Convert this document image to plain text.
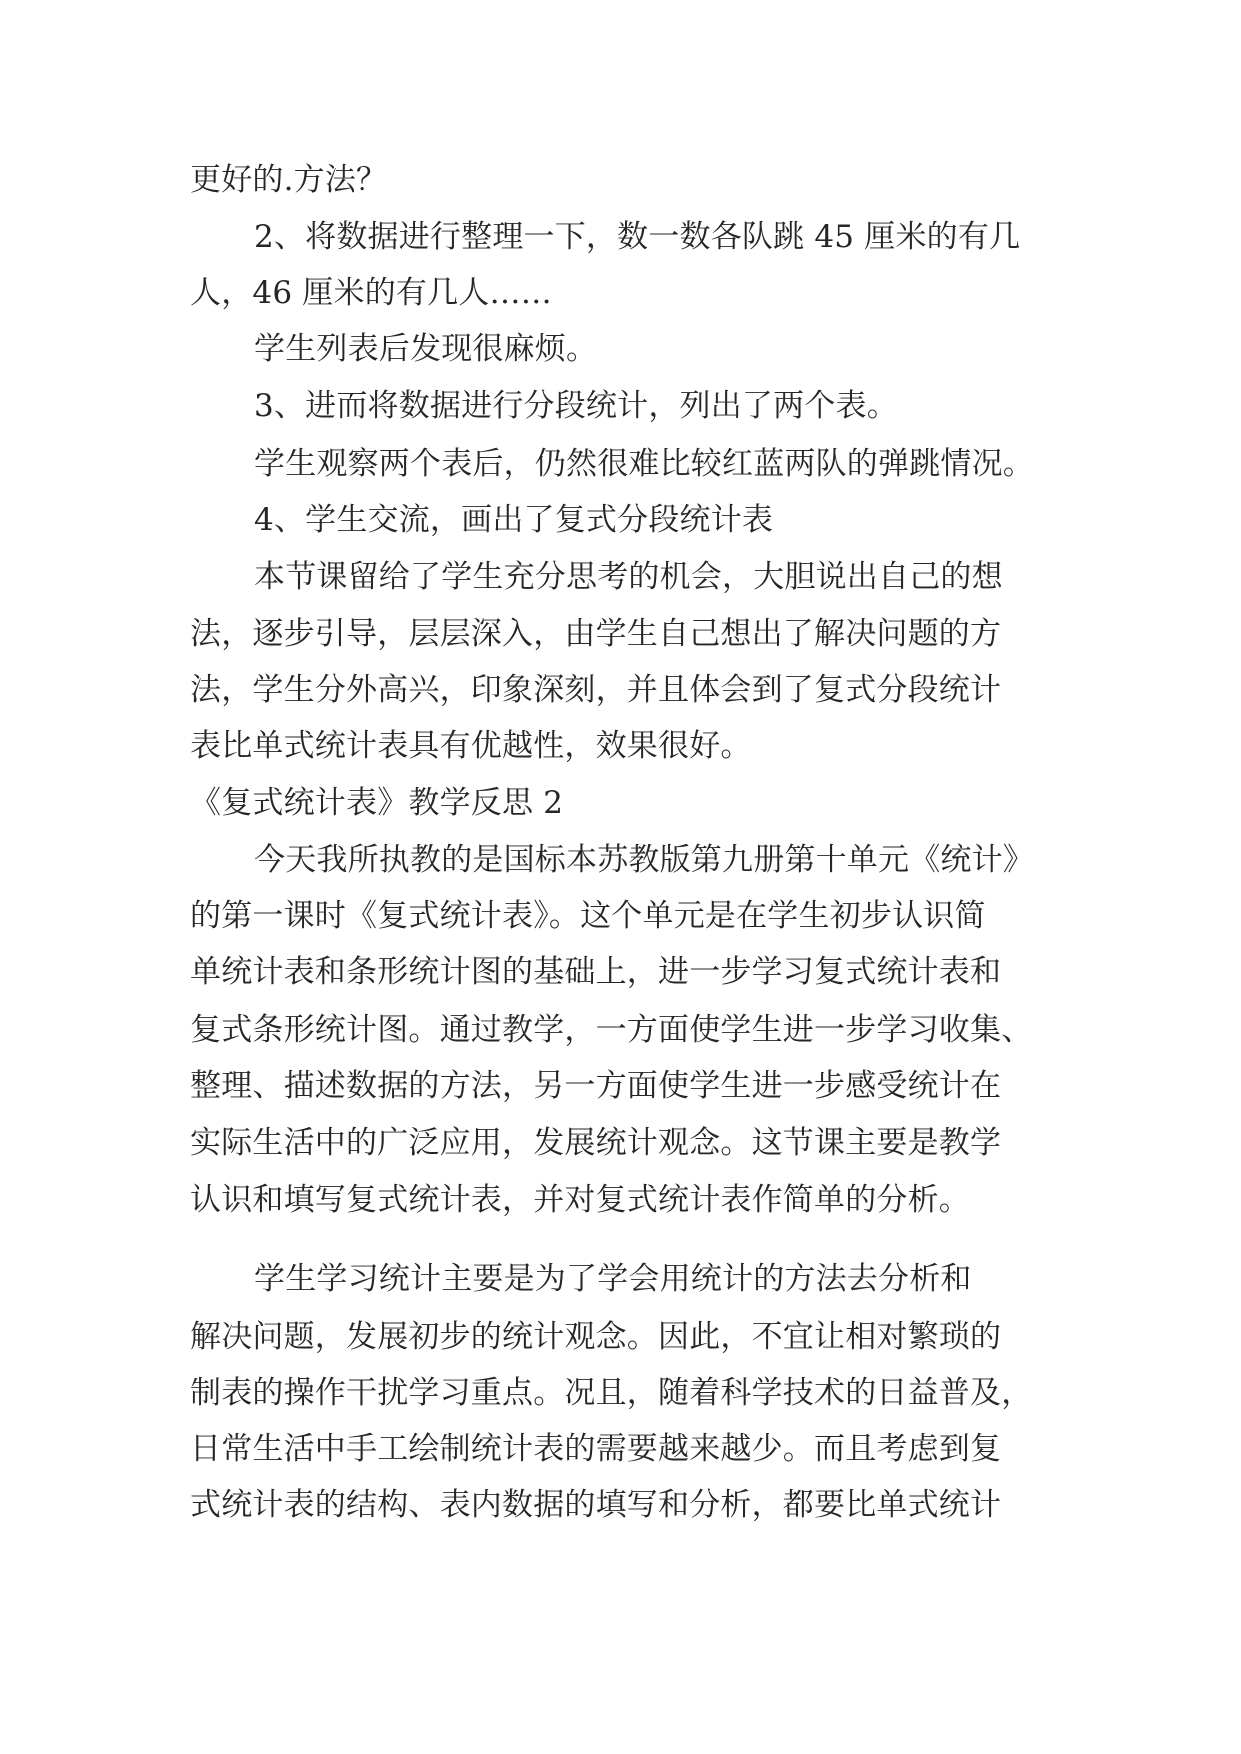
更好的.方法？
2、将数据进行整理一下，数一数各队跳 45 厘米的有几
人，46 厘米的有几人……
学生列表后发现很麻烦。
3、进而将数据进行分段统计，列出了两个表。
学生观察两个表后，仍然很难比较红蓝两队的弹跳情况。
4、学生交流，画出了复式分段统计表
本节课留给了学生充分思考的机会，大胆说出自己的想
法，逐步引导，层层深入，由学生自己想出了解决问题的方
法，学生分外高兴，印象深刻，并且体会到了复式分段统计
表比单式统计表具有优越性，效果很好。
《复式统计表》教学反思 2
今天我所执教的是国标本苏教版第九册第十单元《统计》
的第一课时《复式统计表》。这个单元是在学生初步认识简
单统计表和条形统计图的基础上，进一步学习复式统计表和
复式条形统计图。通过教学，一方面使学生进一步学习收集、
整理、描述数据的方法，另一方面使学生进一步感受统计在
实际生活中的广泛应用，发展统计观念。这节课主要是教学
认识和填写复式统计表，并对复式统计表作简单的分析。
学生学习统计主要是为了学会用统计的方法去分析和
解决问题，发展初步的统计观念。因此，不宜让相对繁琐的
制表的操作干扰学习重点。况且，随着科学技术的日益普及，
日常生活中手工绘制统计表的需要越来越少。而且考虑到复
式统计表的结构、表内数据的填写和分析，都要比单式统计
